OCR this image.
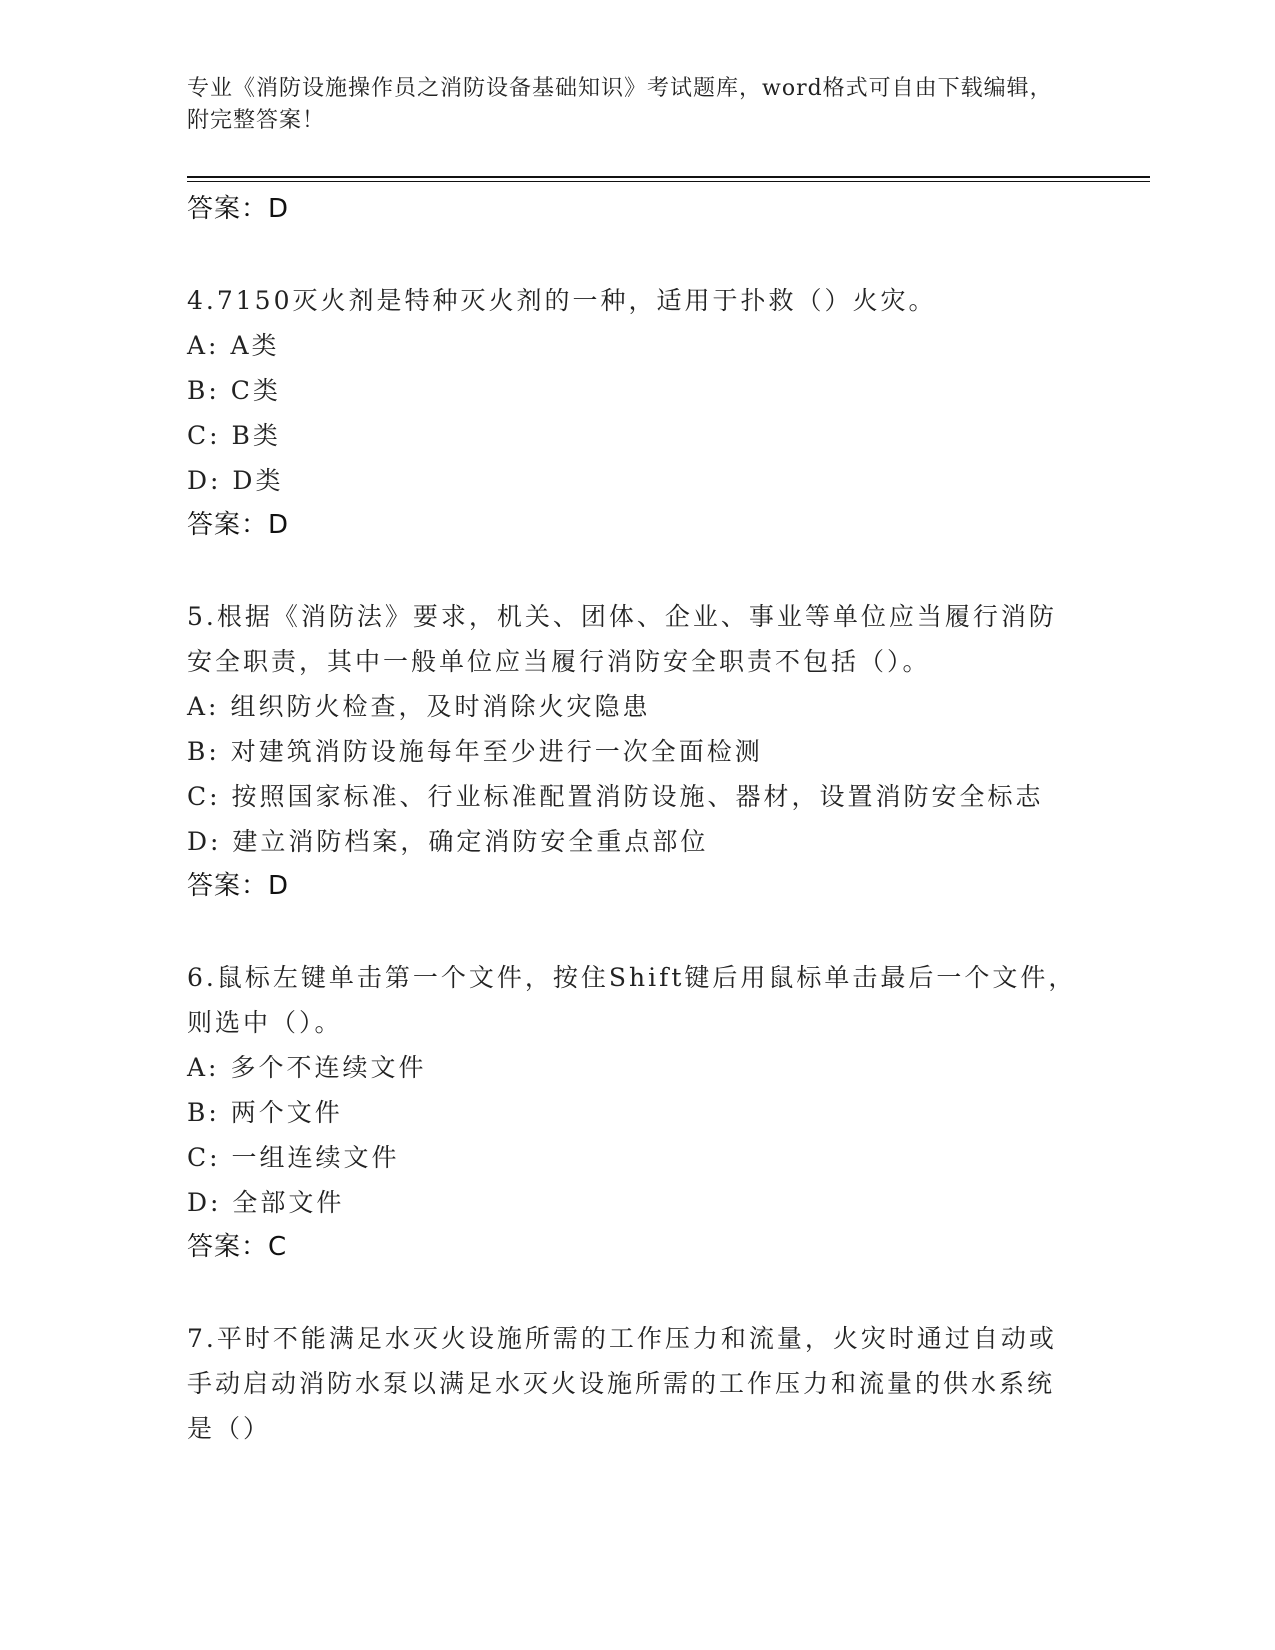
专业《消防设施操作员之消防设备基础知识》考试题库，word格式可自由下载编辑，附完整答案！
答案：D
4.7150灭火剂是特种灭火剂的一种，适用于扑救（）火灾。
A: A类
B: C类
C: B类
D: D类
答案：D
5.根据《消防法》要求，机关、团体、企业、事业等单位应当履行消防安全职责，其中一般单位应当履行消防安全职责不包括（）。
A: 组织防火检查，及时消除火灾隐患
B: 对建筑消防设施每年至少进行一次全面检测
C: 按照国家标准、行业标准配置消防设施、器材，设置消防安全标志
D: 建立消防档案，确定消防安全重点部位
答案：D
6.鼠标左键单击第一个文件，按住Shift键后用鼠标单击最后一个文件，则选中（）。
A: 多个不连续文件
B: 两个文件
C: 一组连续文件
D: 全部文件
答案：C
7.平时不能满足水灭火设施所需的工作压力和流量，火灾时通过自动或手动启动消防水泵以满足水灭火设施所需的工作压力和流量的供水系统是（）
